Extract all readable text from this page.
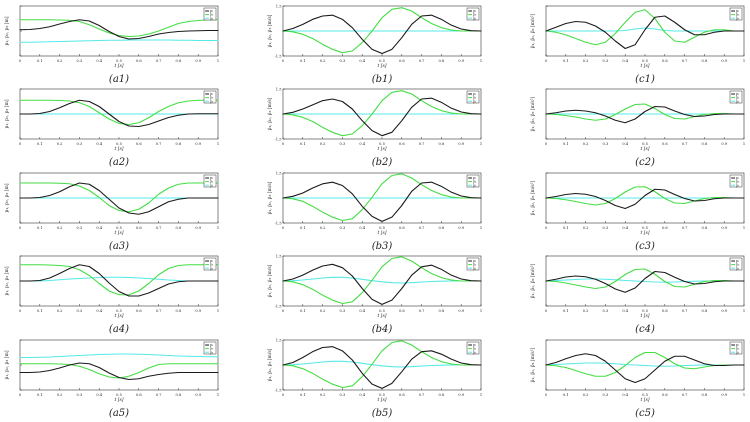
0	0.1	0.2	0.3	0.4	0.5	0.6	0.7	0.8	0.9	1
t [s]
p₁, p₂, p₃ [m]
p₁
p₂
p₃
(a1)
0	0.1	0.2	0.3	0.4	0.5	0.6	0.7	0.8	0.9	1
t [s]
p₁, p₂, p₃ [m]
p₁
p₂
p₃
(a2)
0	0.1	0.2	0.3	0.4	0.5	0.6	0.7	0.8	0.9	1
t [s]
p₁, p₂, p₃ [m]
p₁
p₂
p₃
(a3)
0	0.1	0.2	0.3	0.4	0.5	0.6	0.7	0.8	0.9	1
t [s]
p₁, p₂, p₃ [m]
p₁
p₂
p₃
(a4)
0	0.1	0.2	0.3	0.4	0.5	0.6	0.7	0.8	0.9	1
t [s]
p₁, p₂, p₃ [m]
p₁
p₂
p₃
(a5)
0	0.1	0.2	0.3	0.4	0.5	0.6	0.7	0.8	0.9	1
1.5
-1.5
t [s]
ṗ₁, ṗ₂, ṗ₃ [m/s]
p₁
p₂
p₃
(b1)
0	0.1	0.2	0.3	0.4	0.5	0.6	0.7	0.8	0.9	1
1.5
-1.5
t [s]
ṗ₁, ṗ₂, ṗ₃ [m/s]
p₁
p₂
p₃
(b2)
0	0.1	0.2	0.3	0.4	0.5	0.6	0.7	0.8	0.9	1
1.5
-1.5
t [s]
ṗ₁, ṗ₂, ṗ₃ [m/s]
p₁
p₂
p₃
(b3)
0	0.1	0.2	0.3	0.4	0.5	0.6	0.7	0.8	0.9	1
1.5
-1.5
t [s]
ṗ₁, ṗ₂, ṗ₃ [m/s]
p₁
p₂
p₃
(b4)
0	0.1	0.2	0.3	0.4	0.5	0.6	0.7	0.8	0.9	1
1.5
-1.5
t [s]
ṗ₁, ṗ₂, ṗ₃ [m/s]
p₁
p₂
p₃
(b5)
0	0.1	0.2	0.3	0.4	0.5	0.6	0.7	0.8	0.9	1
t [s]
p̈₁, p̈₂, p̈₃ [m/s²]
p₁
p₂
p₃
(c1)
0	0.1	0.2	0.3	0.4	0.5	0.6	0.7	0.8	0.9	1
t [s]
p̈₁, p̈₂, p̈₃ [m/s²]
p₁
p₂
p₃
(c2)
0	0.1	0.2	0.3	0.4	0.5	0.6	0.7	0.8	0.9	1
t [s]
p̈₁, p̈₂, p̈₃ [m/s²]
p₁
p₂
p₃
(c3)
0	0.1	0.2	0.3	0.4	0.5	0.6	0.7	0.8	0.9	1
t [s]
p̈₁, p̈₂, p̈₃ [m/s²]
p₁
p₂
p₃
(c4)
0	0.1	0.2	0.3	0.4	0.5	0.6	0.7	0.8	0.9	1
t [s]
p̈₁, p̈₂, p̈₃ [m/s²]
p₁
p₂
p₃
(c5)
